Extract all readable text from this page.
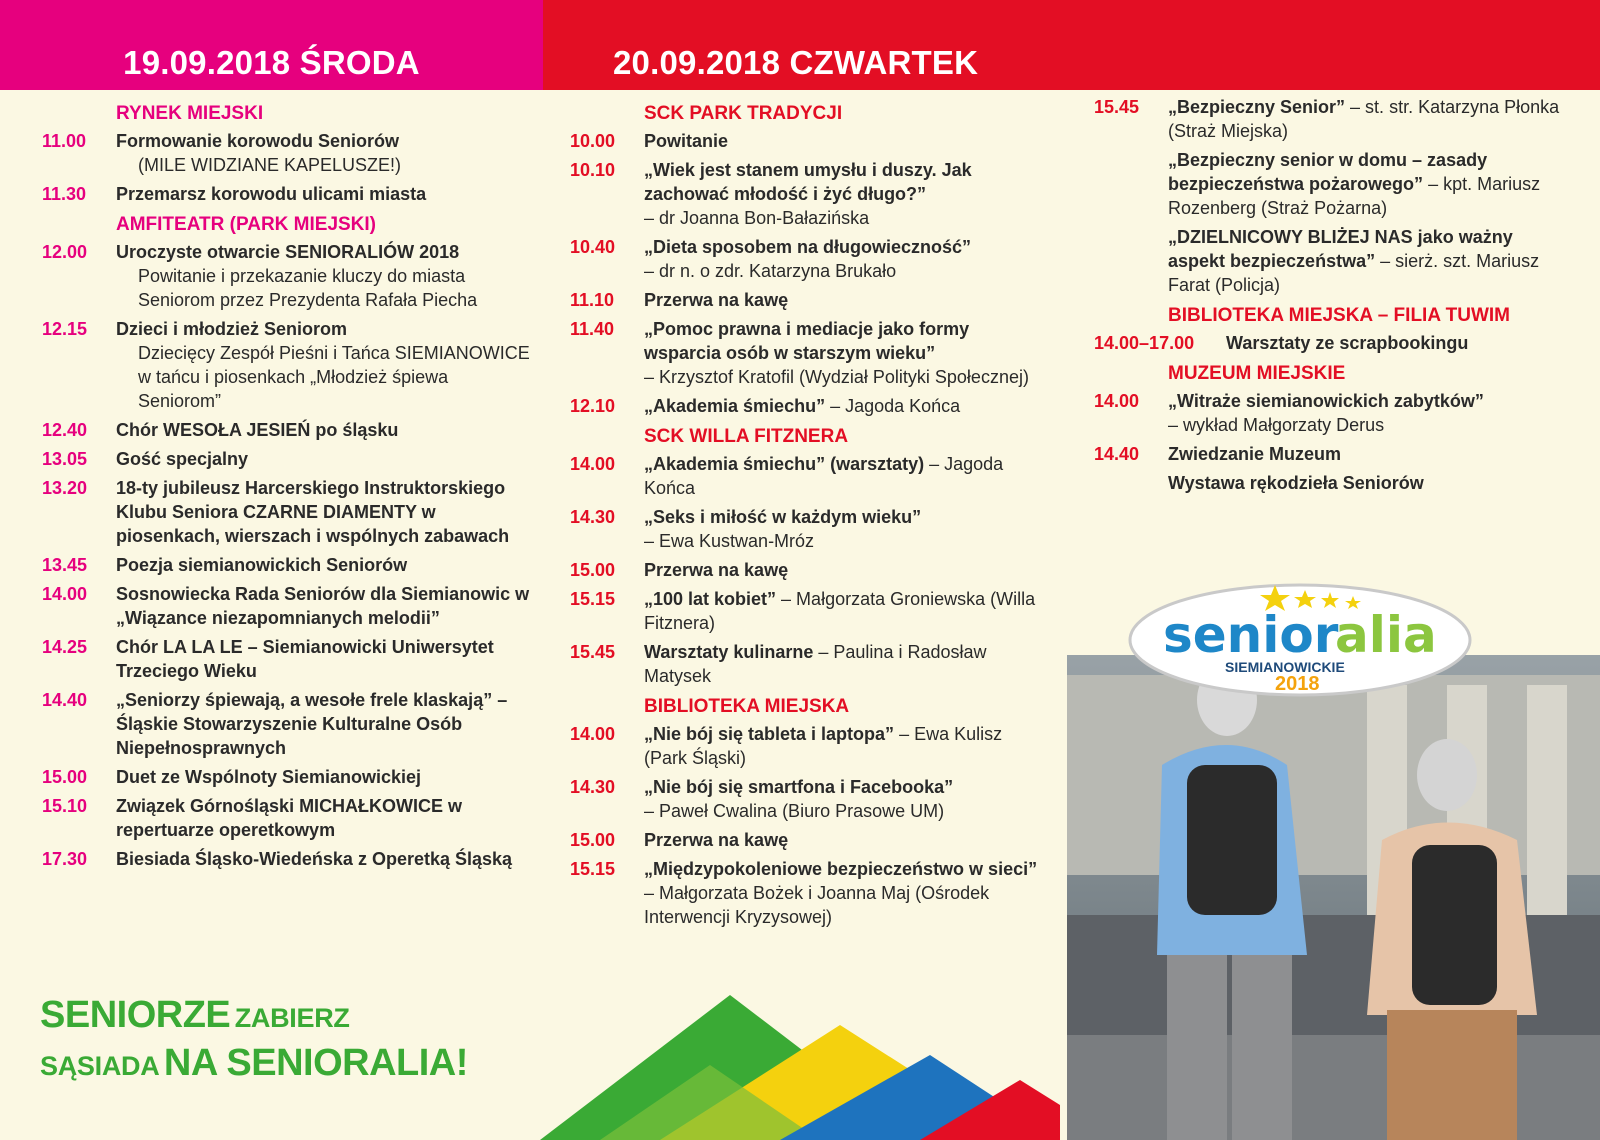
19.09.2018 ŚRODA	20.09.2018 CZWARTEK
RYNEK MIEJSKI
11.00	Formowanie korowodu Seniorów
(MILE WIDZIANE KAPELUSZE!)
11.30	Przemarsz korowodu ulicami miasta
AMFITEATR (PARK MIEJSKI)
12.00	Uroczyste otwarcie SENIORALIÓW 2018
Powitanie i przekazanie kluczy do miasta Seniorom przez Prezydenta Rafała Piecha
12.15	Dzieci i młodzież Seniorom
Dziecięcy Zespół Pieśni i Tańca SIEMIANOWICE w tańcu i piosenkach „Młodzież śpiewa Seniorom”
12.40	Chór WESOŁA JESIEŃ po śląsku
13.05	Gość specjalny
13.20	18-ty jubileusz Harcerskiego Instruktorskiego Klubu Seniora CZARNE DIAMENTY w piosenkach, wierszach i wspólnych zabawach
13.45	Poezja siemianowickich Seniorów
14.00	Sosnowiecka Rada Seniorów dla Siemianowic w „Wiązance niezapomnianych melodii”
14.25	Chór LA LA LE – Siemianowicki Uniwersytet Trzeciego Wieku
14.40	„Seniorzy śpiewają, a wesołe frele klaskają” – Śląskie Stowarzyszenie Kulturalne Osób Niepełnosprawnych
15.00	Duet ze Wspólnoty Siemianowickiej
15.10	Związek Górnośląski MICHAŁKOWICE w repertuarze operetkowym
17.30	Biesiada Śląsko-Wiedeńska z Operetką Śląską
SCK PARK TRADYCJI
10.00	Powitanie
10.10	„Wiek jest stanem umysłu i duszy. Jak zachować młodość i żyć długo?”
– dr Joanna Bon-Bałazińska
10.40	„Dieta sposobem na długowieczność”
– dr n. o zdr. Katarzyna Brukało
11.10	Przerwa na kawę
11.40	„Pomoc prawna i mediacje jako formy wsparcia osób w starszym wieku”
– Krzysztof Kratofil (Wydział Polityki Społecznej)
12.10	„Akademia śmiechu” – Jagoda Końca
SCK WILLA FITZNERA
14.00	„Akademia śmiechu” (warsztaty) – Jagoda Końca
14.30	„Seks i miłość w każdym wieku”
– Ewa Kustwan-Mróz
15.00	Przerwa na kawę
15.15	„100 lat kobiet” – Małgorzata Groniewska (Willa Fitznera)
15.45	Warsztaty kulinarne – Paulina i Radosław Matysek
BIBLIOTEKA MIEJSKA
14.00	„Nie bój się tableta i laptopa” – Ewa Kulisz (Park Śląski)
14.30	„Nie bój się smartfona i Facebooka”
– Paweł Cwalina (Biuro Prasowe UM)
15.00	Przerwa na kawę
15.15	„Międzypokoleniowe bezpieczeństwo w sieci” – Małgorzata Bożek i Joanna Maj (Ośrodek Interwencji Kryzysowej)
15.45	„Bezpieczny Senior” – st. str. Katarzyna Płonka (Straż Miejska)
„Bezpieczny senior w domu – zasady bezpieczeństwa pożarowego” – kpt. Mariusz Rozenberg (Straż Pożarna)
„DZIELNICOWY BLIŻEJ NAS jako ważny aspekt bezpieczeństwa” – sierż. szt. Mariusz Farat (Policja)
BIBLIOTEKA MIEJSKA – FILIA TUWIM
14.00–17.00	Warsztaty ze scrapbookingu
MUZEUM MIEJSKIE
14.00	„Witraże siemianowickich zabytków”
– wykład Małgorzaty Derus
14.40	Zwiedzanie Muzeum
Wystawa rękodzieła Seniorów
SENIORZE ZABIERZ
SĄSIADA NA SENIORALIA!
senior
alia
SIEMIANOWICKIE
2018
